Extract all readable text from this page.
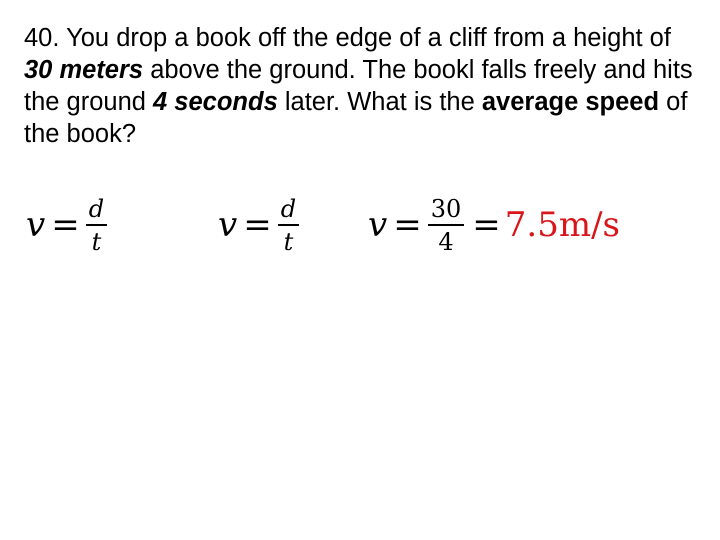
40. You drop a book off the edge of a cliff from a height of 30 meters above the ground. The bookl falls freely and hits the ground 4 seconds later. What is the average speed of the book?

$v = \frac{d}{t}$	$v = \frac{d}{t}$ $v = \frac{30}{4} = 7.5m/s$
